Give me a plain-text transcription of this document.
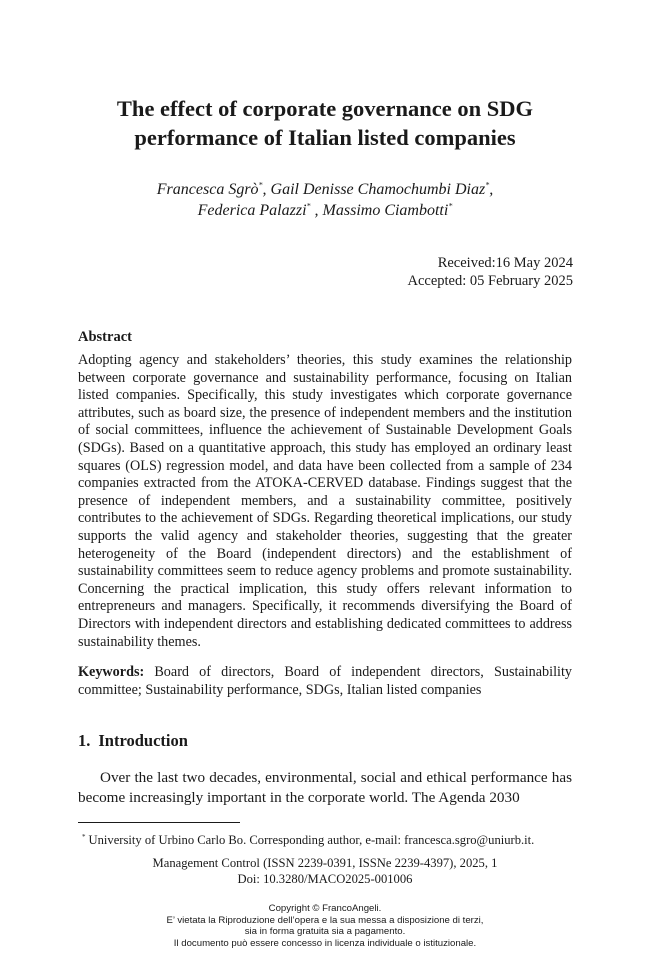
The effect of corporate governance on SDG
performance of Italian listed companies
Francesca Sgrò*, Gail Denisse Chamochumbi Diaz*,
Federica Palazzi* , Massimo Ciambotti*
Received:16 May 2024
Accepted: 05 February 2025
Abstract

Adopting agency and stakeholders’ theories, this study examines the relationship between corporate governance and sustainability performance, focusing on Italian listed companies. Specifically, this study investigates which corporate governance attributes, such as board size, the presence of independent members and the institution of social committees, influence the achievement of Sustainable Development Goals (SDGs). Based on a quantitative approach, this study has employed an ordinary least squares (OLS) regression model, and data have been collected from a sample of 234 companies extracted from the ATOKA-CERVED database. Findings suggest that the presence of independent members, and a sustainability committee, positively contributes to the achievement of SDGs. Regarding theoretical implications, our study supports the valid agency and stakeholder theories, suggesting that the greater heterogeneity of the Board (independent directors) and the establishment of sustainability committees seem to reduce agency problems and promote sustainability. Concerning the practical implication, this study offers relevant information to entrepreneurs and managers. Specifically, it recommends diversifying the Board of Directors with independent directors and establishing dedicated committees to address sustainability themes.

Keywords: Board of directors, Board of independent directors, Sustainability committee; Sustainability performance, SDGs, Italian listed companies

1. Introduction

Over the last two decades, environmental, social and ethical performance has become increasingly important in the corporate world. The Agenda 2030

* University of Urbino Carlo Bo. Corresponding author, e-mail: francesca.sgro@uniurb.it.

Management Control (ISSN 2239-0391, ISSNe 2239-4397), 2025, 1
Doi: 10.3280/MACO2025-001006
Copyright © FrancoAngeli.
E’ vietata la Riproduzione dell’opera e la sua messa a disposizione di terzi,
sia in forma gratuita sia a pagamento.
Il documento può essere concesso in licenza individuale o istituzionale.
